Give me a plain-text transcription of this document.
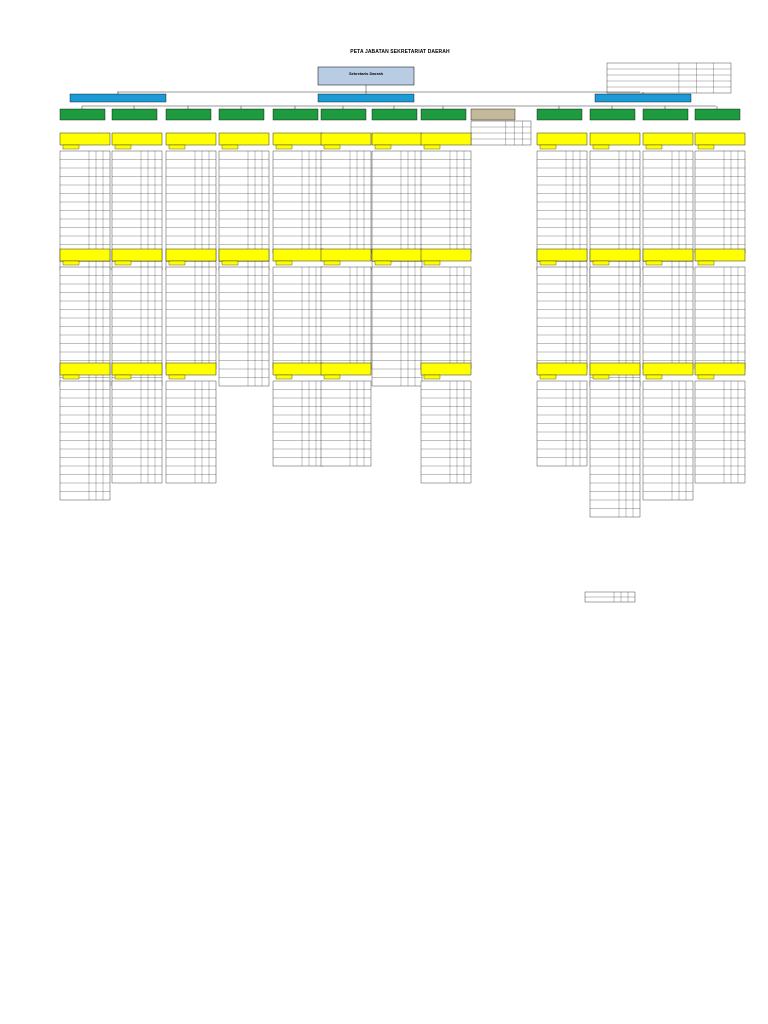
PETA JABATAN SEKRETARIAT DAERAH
Sekretaris Daerah
